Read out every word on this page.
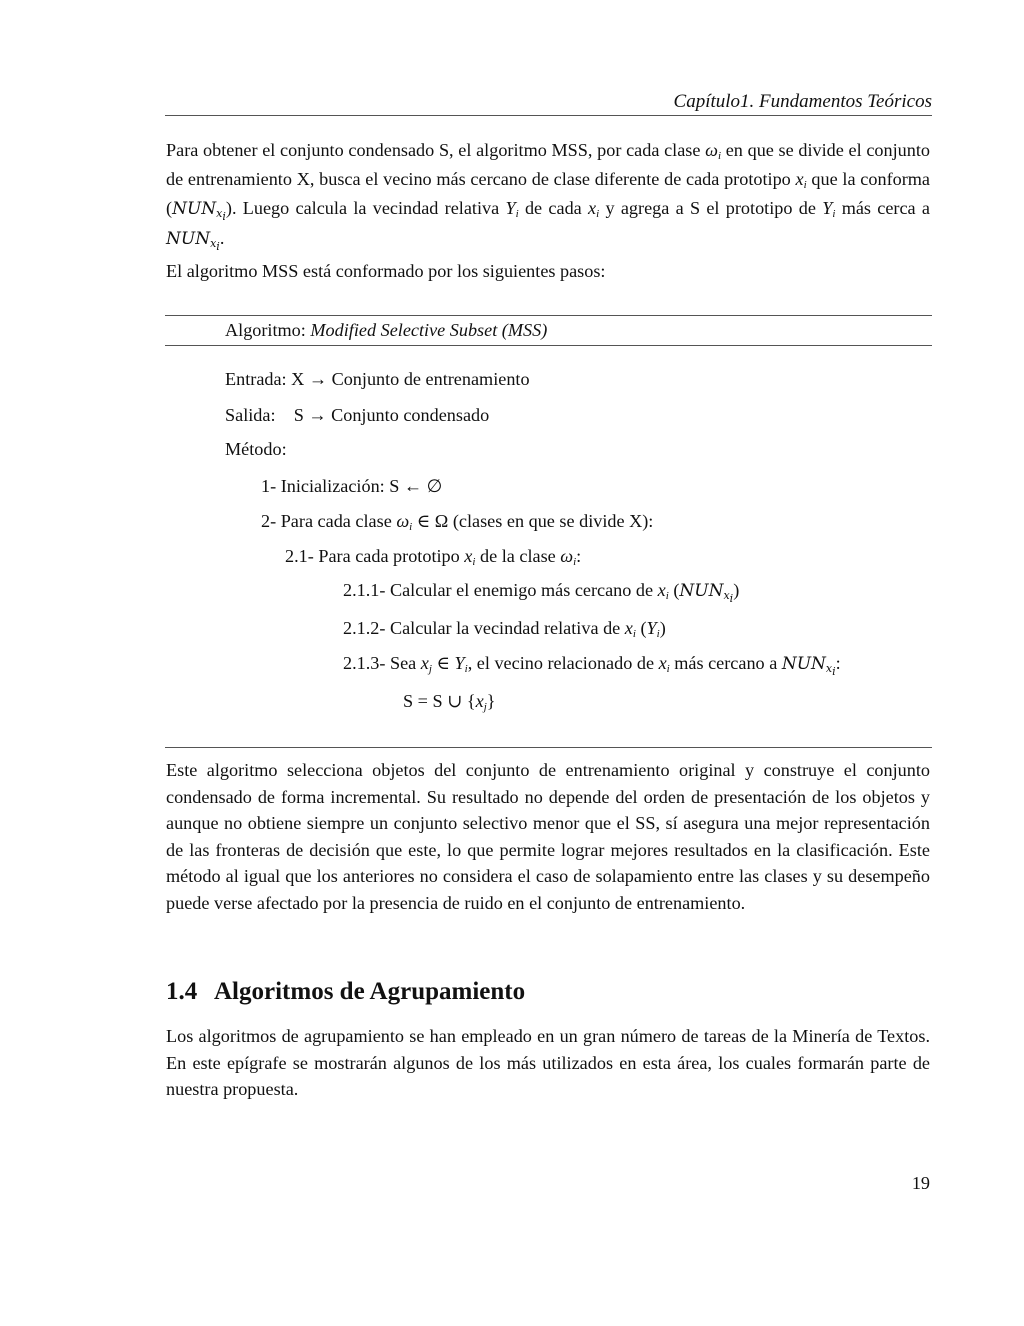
Capítulo1. Fundamentos Teóricos
Para obtener el conjunto condensado S, el algoritmo MSS, por cada clase $\omega_i$ en que se divide el conjunto de entrenamiento X, busca el vecino más cercano de clase diferente de cada prototipo $x_i$ que la conforma $(NUN_{x_i})$. Luego calcula la vecindad relativa $Y_i$ de cada $x_i$ y agrega a S el prototipo de $Y_i$ más cerca a $NUN_{x_i}$.
El algoritmo MSS está conformado por los siguientes pasos:
Algoritmo: Modified Selective Subset (MSS)
Entrada: X → Conjunto de entrenamiento
Salida:    S → Conjunto condensado
Método:
1- Inicialización: S ← ∅
2- Para cada clase $\omega_i$ ∈ Ω (clases en que se divide X):
2.1- Para cada prototipo $x_i$ de la clase $\omega_i$:
2.1.1- Calcular el enemigo más cercano de $x_i$ $(NUN_{x_i})$
2.1.2- Calcular la vecindad relativa de $x_i$ $(Y_i)$
2.1.3- Sea $x_j$ ∈ $Y_i$, el vecino relacionado de $x_i$ más cercano a $NUN_{x_i}$:
S = S ∪ $\{x_j\}$
Este algoritmo selecciona objetos del conjunto de entrenamiento original y construye el conjunto condensado de forma incremental. Su resultado no depende del orden de presentación de los objetos y aunque no obtiene siempre un conjunto selectivo menor que el SS, sí asegura una mejor representación de las fronteras de decisión que este, lo que permite lograr mejores resultados en la clasificación. Este método al igual que los anteriores no considera el caso de solapamiento entre las clases y su desempeño puede verse afectado por la presencia de ruido en el conjunto de entrenamiento.
1.4 Algoritmos de Agrupamiento
Los algoritmos de agrupamiento se han empleado en un gran número de tareas de la Minería de Textos. En este epígrafe se mostrarán algunos de los más utilizados en esta área, los cuales formarán parte de nuestra propuesta.
19
